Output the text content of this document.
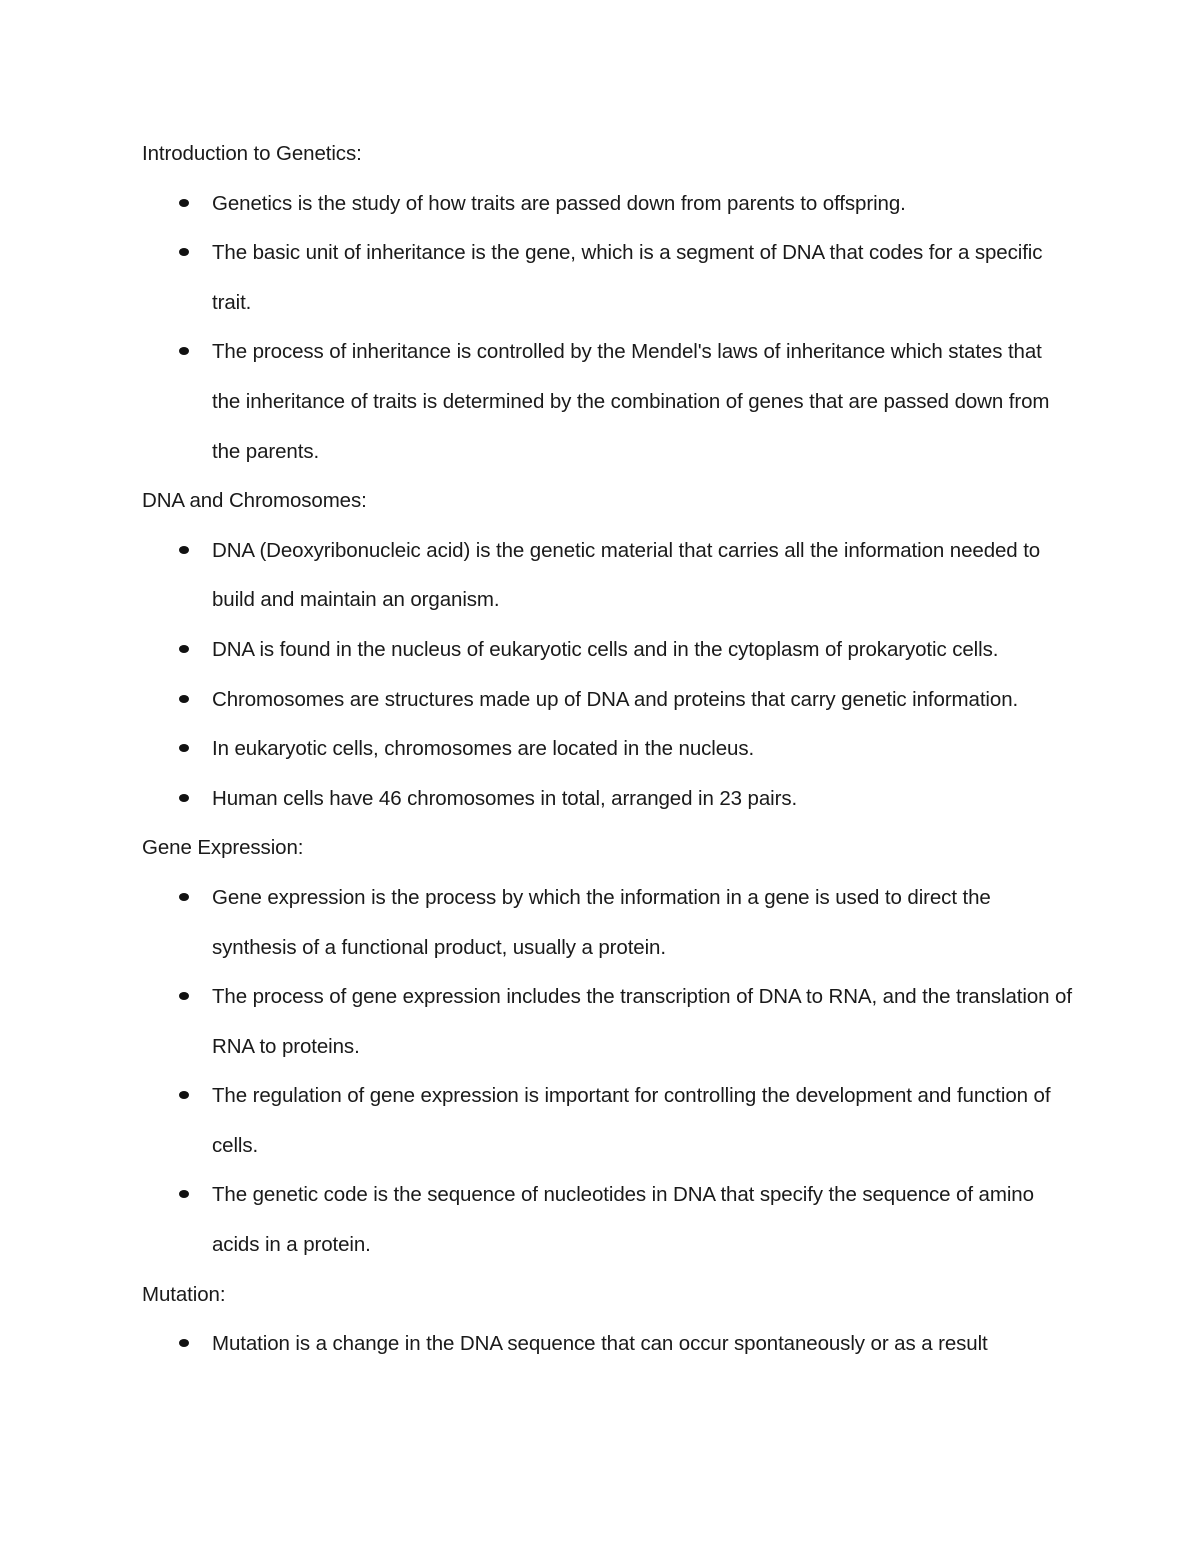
Introduction to Genetics:

Genetics is the study of how traits are passed down from parents to offspring.
The basic unit of inheritance is the gene, which is a segment of DNA that codes for a specific trait.
The process of inheritance is controlled by the Mendel's laws of inheritance which states that the inheritance of traits is determined by the combination of genes that are passed down from the parents.

DNA and Chromosomes:

DNA (Deoxyribonucleic acid) is the genetic material that carries all the information needed to build and maintain an organism.
DNA is found in the nucleus of eukaryotic cells and in the cytoplasm of prokaryotic cells.
Chromosomes are structures made up of DNA and proteins that carry genetic information.
In eukaryotic cells, chromosomes are located in the nucleus.
Human cells have 46 chromosomes in total, arranged in 23 pairs.

Gene Expression:

Gene expression is the process by which the information in a gene is used to direct the synthesis of a functional product, usually a protein.
The process of gene expression includes the transcription of DNA to RNA, and the translation of RNA to proteins.
The regulation of gene expression is important for controlling the development and function of cells.
The genetic code is the sequence of nucleotides in DNA that specify the sequence of amino acids in a protein.

Mutation:

Mutation is a change in the DNA sequence that can occur spontaneously or as a result
